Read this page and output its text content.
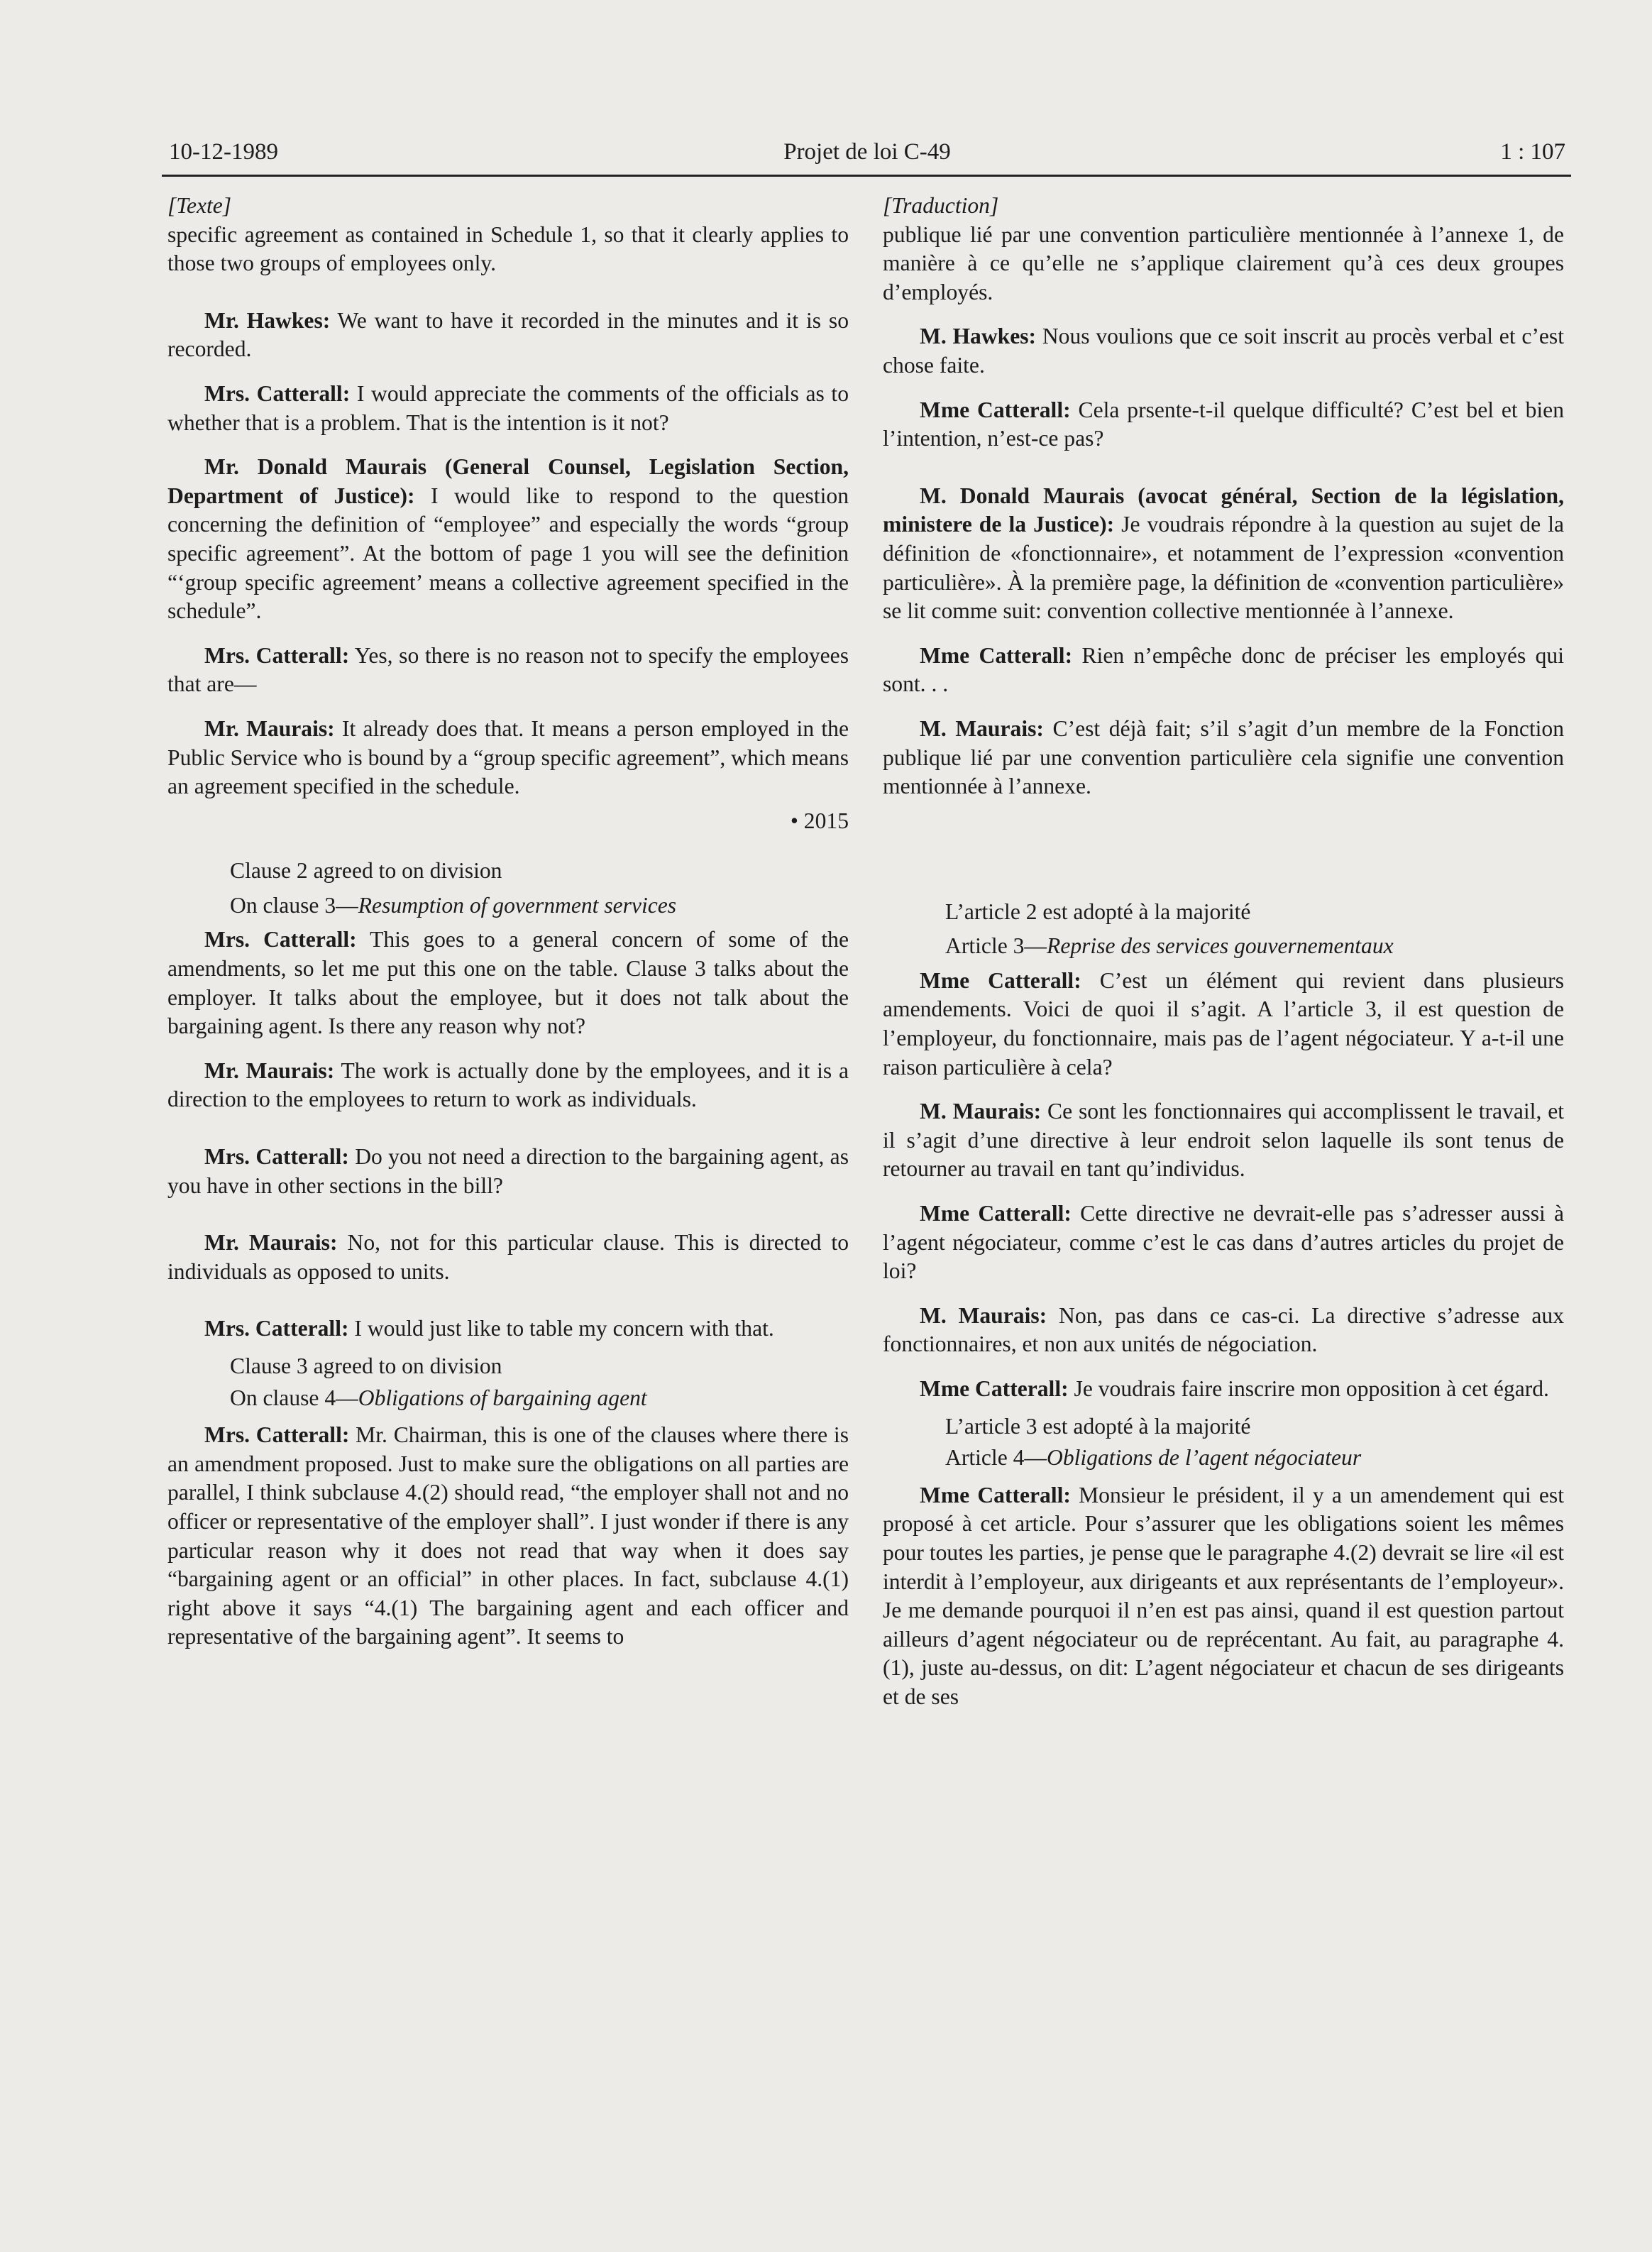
10-12-1989	Projet de loi C-49	1 : 107

[Texte]

specific agreement as contained in Schedule 1, so that it clearly applies to those two groups of employees only.

Mr. Hawkes: We want to have it recorded in the minutes and it is so recorded.

Mrs. Catterall: I would appreciate the comments of the officials as to whether that is a problem. That is the intention is it not?

Mr. Donald Maurais (General Counsel, Legislation Section, Department of Justice): I would like to respond to the question concerning the definition of “employee” and especially the words “group specific agreement”. At the bottom of page 1 you will see the definition “‘group specific agreement’ means a collective agreement specified in the schedule”.

Mrs. Catterall: Yes, so there is no reason not to specify the employees that are—

Mr. Maurais: It already does that. It means a person employed in the Public Service who is bound by a “group specific agreement”, which means an agreement specified in the schedule.

• 2015

Clause 2 agreed to on division

On clause 3—Resumption of government services

Mrs. Catterall: This goes to a general concern of some of the amendments, so let me put this one on the table. Clause 3 talks about the employer. It talks about the employee, but it does not talk about the bargaining agent. Is there any reason why not?

Mr. Maurais: The work is actually done by the employees, and it is a direction to the employees to return to work as individuals.

Mrs. Catterall: Do you not need a direction to the bargaining agent, as you have in other sections in the bill?

Mr. Maurais: No, not for this particular clause. This is directed to individuals as opposed to units.

Mrs. Catterall: I would just like to table my concern with that.

Clause 3 agreed to on division

On clause 4—Obligations of bargaining agent

Mrs. Catterall: Mr. Chairman, this is one of the clauses where there is an amendment proposed. Just to make sure the obligations on all parties are parallel, I think subclause 4.(2) should read, “the employer shall not and no officer or representative of the employer shall”. I just wonder if there is any particular reason why it does not read that way when it does say “bargaining agent or an official” in other places. In fact, subclause 4.(1) right above it says “4.(1) The bargaining agent and each officer and representative of the bargaining agent”. It seems to

[Traduction]

publique lié par une convention particulière mentionnée à l’annexe 1, de manière à ce qu’elle ne s’applique clairement qu’à ces deux groupes d’employés.

M. Hawkes: Nous voulions que ce soit inscrit au procès verbal et c’est chose faite.

Mme Catterall: Cela prsente-t-il quelque difficulté? C’est bel et bien l’intention, n’est-ce pas?

M. Donald Maurais (avocat général, Section de la législation, ministere de la Justice): Je voudrais répondre à la question au sujet de la définition de «fonctionnaire», et notamment de l’expression «convention particulière». À la première page, la définition de «convention particulière» se lit comme suit: convention collective mentionnée à l’annexe.

Mme Catterall: Rien n’empêche donc de préciser les employés qui sont. . .

M. Maurais: C’est déjà fait; s’il s’agit d’un membre de la Fonction publique lié par une convention particulière cela signifie une convention mentionnée à l’annexe.

L’article 2 est adopté à la majorité

Article 3—Reprise des services gouvernementaux

Mme Catterall: C’est un élément qui revient dans plusieurs amendements. Voici de quoi il s’agit. A l’article 3, il est question de l’employeur, du fonctionnaire, mais pas de l’agent négociateur. Y a-t-il une raison particulière à cela?

M. Maurais: Ce sont les fonctionnaires qui accomplissent le travail, et il s’agit d’une directive à leur endroit selon laquelle ils sont tenus de retourner au travail en tant qu’individus.

Mme Catterall: Cette directive ne devrait-elle pas s’adresser aussi à l’agent négociateur, comme c’est le cas dans d’autres articles du projet de loi?

M. Maurais: Non, pas dans ce cas-ci. La directive s’adresse aux fonctionnaires, et non aux unités de négociation.

Mme Catterall: Je voudrais faire inscrire mon opposition à cet égard.

L’article 3 est adopté à la majorité

Article 4—Obligations de l’agent négociateur

Mme Catterall: Monsieur le président, il y a un amendement qui est proposé à cet article. Pour s’assurer que les obligations soient les mêmes pour toutes les parties, je pense que le paragraphe 4.(2) devrait se lire «il est interdit à l’employeur, aux dirigeants et aux représentants de l’employeur». Je me demande pourquoi il n’en est pas ainsi, quand il est question partout ailleurs d’agent négociateur ou de reprécentant. Au fait, au paragraphe 4.(1), juste au-dessus, on dit: L’agent négociateur et chacun de ses dirigeants et de ses
